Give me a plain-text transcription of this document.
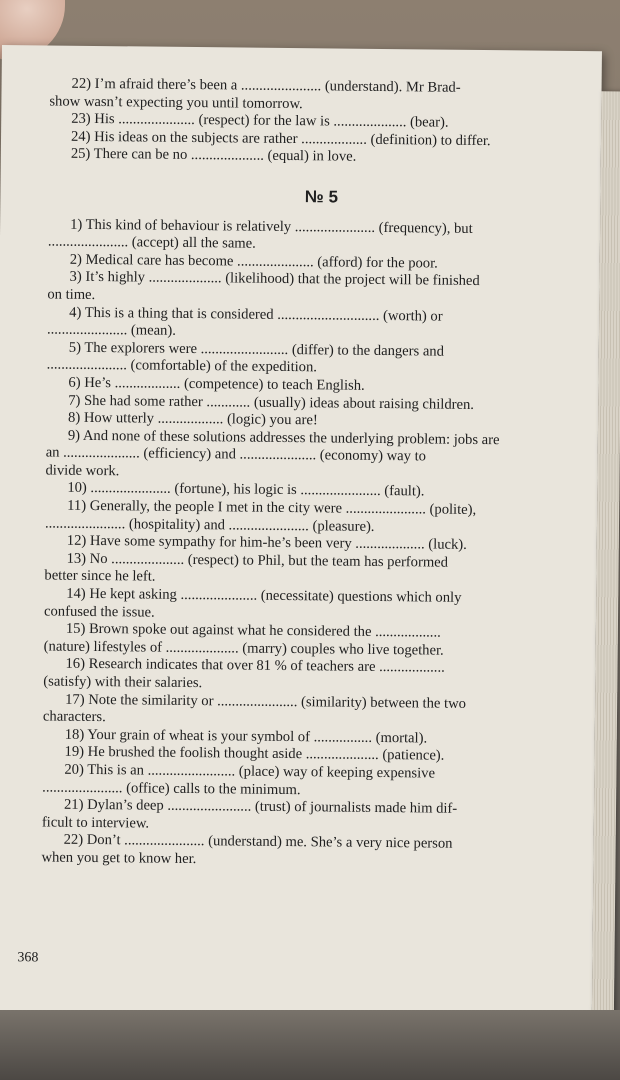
22) I’m afraid there’s been a ...................... (understand). Mr Brad-
show wasn’t expecting you until tomorrow.
23) His ..................... (respect) for the law is .................... (bear).
24) His ideas on the subjects are rather .................. (definition) to differ.
25) There can be no .................... (equal) in love.
№ 5
1) This kind of behaviour is relatively ...................... (frequency), but
...................... (accept) all the same.
2) Medical care has become ..................... (afford) for the poor.
3) It’s highly .................... (likelihood) that the project will be finished
on time.
4) This is a thing that is considered ............................ (worth) or
...................... (mean).
5) The explorers were ........................ (differ) to the dangers and
...................... (comfortable) of the expedition.
6) He’s .................. (competence) to teach English.
7) She had some rather ............ (usually) ideas about raising children.
8) How utterly .................. (logic) you are!
9) And none of these solutions addresses the underlying problem: jobs are
an ..................... (efficiency) and ..................... (economy) way to
divide work.
10) ...................... (fortune), his logic is ...................... (fault).
11) Generally, the people I met in the city were ...................... (polite),
...................... (hospitality) and ...................... (pleasure).
12) Have some sympathy for him-he’s been very ................... (luck).
13) No .................... (respect) to Phil, but the team has performed
better since he left.
14) He kept asking ..................... (necessitate) questions which only
confused the issue.
15) Brown spoke out against what he considered the ..................
(nature) lifestyles of .................... (marry) couples who live together.
16) Research indicates that over 81 % of teachers are ..................
(satisfy) with their salaries.
17) Note the similarity or ...................... (similarity) between the two
characters.
18) Your grain of wheat is your symbol of ................ (mortal).
19) He brushed the foolish thought aside .................... (patience).
20) This is an ........................ (place) way of keeping expensive
...................... (office) calls to the minimum.
21) Dylan’s deep ....................... (trust) of journalists made him dif-
ficult to interview.
22) Don’t ...................... (understand) me. She’s a very nice person
when you get to know her.
368
